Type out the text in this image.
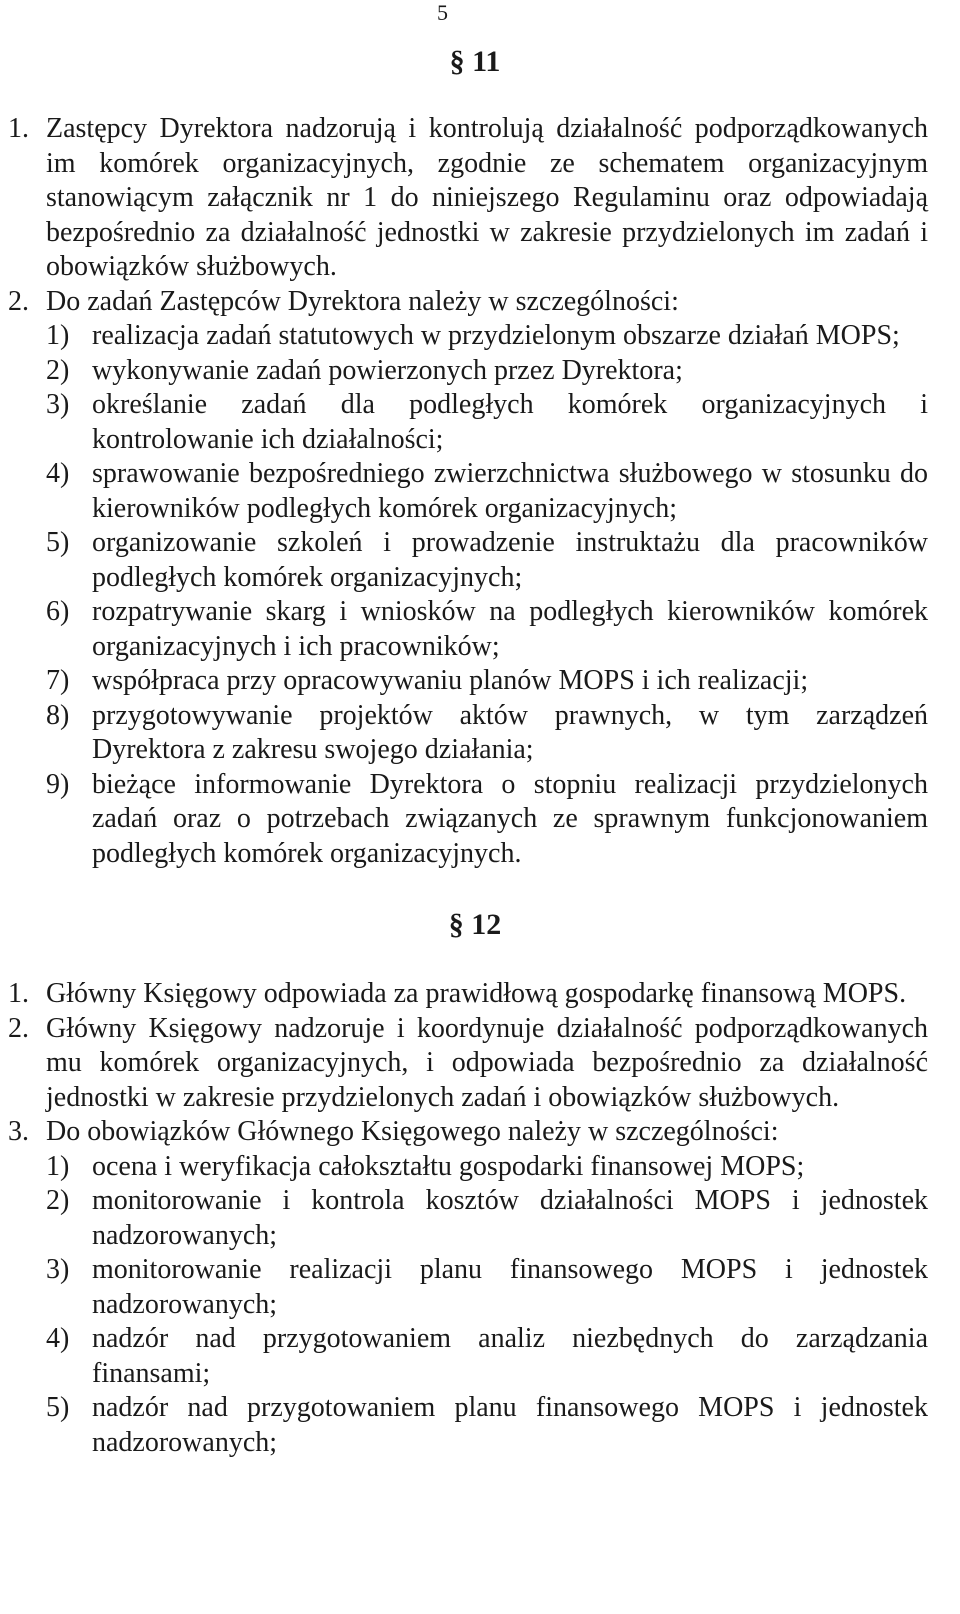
5
§ 11
1. Zastępcy Dyrektora nadzorują i kontrolują działalność podporządkowanych im komórek organizacyjnych, zgodnie ze schematem organizacyjnym stanowiącym załącznik nr 1 do niniejszego Regulaminu oraz odpowiadają bezpośrednio za działalność jednostki w zakresie przydzielonych im zadań i obowiązków służbowych.
2. Do zadań Zastępców Dyrektora należy w szczególności:
1) realizacja zadań statutowych w przydzielonym obszarze działań MOPS;
2) wykonywanie zadań powierzonych przez Dyrektora;
3) określanie zadań dla podległych komórek organizacyjnych i kontrolowanie ich działalności;
4) sprawowanie bezpośredniego zwierzchnictwa służbowego w stosunku do kierowników podległych komórek organizacyjnych;
5) organizowanie szkoleń i prowadzenie instruktażu dla pracowników podległych komórek organizacyjnych;
6) rozpatrywanie skarg i wniosków na podległych kierowników komórek organizacyjnych i ich pracowników;
7) współpraca przy opracowywaniu planów MOPS i ich realizacji;
8) przygotowywanie projektów aktów prawnych, w tym zarządzeń Dyrektora z zakresu swojego działania;
9) bieżące informowanie Dyrektora o stopniu realizacji przydzielonych zadań oraz o potrzebach związanych ze sprawnym funkcjonowaniem podległych komórek organizacyjnych.
§ 12
1. Główny Księgowy odpowiada za prawidłową gospodarkę finansową MOPS.
2. Główny Księgowy nadzoruje i koordynuje działalność podporządkowanych mu komórek organizacyjnych, i odpowiada bezpośrednio za działalność jednostki w zakresie przydzielonych zadań i obowiązków służbowych.
3. Do obowiązków Głównego Księgowego należy w szczególności:
1) ocena i weryfikacja całokształtu gospodarki finansowej MOPS;
2) monitorowanie i kontrola kosztów działalności MOPS i jednostek nadzorowanych;
3) monitorowanie realizacji planu finansowego MOPS i jednostek nadzorowanych;
4) nadzór nad przygotowaniem analiz niezbędnych do zarządzania finansami;
5) nadzór nad przygotowaniem planu finansowego MOPS i jednostek nadzorowanych;
